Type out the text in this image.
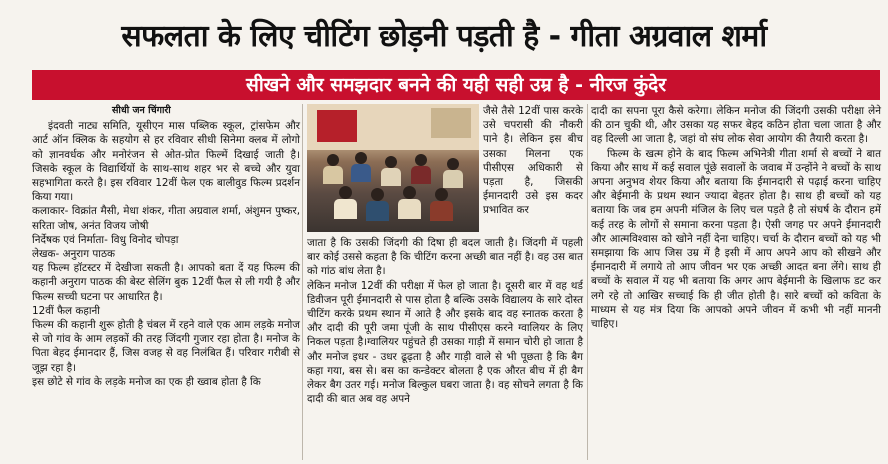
सफलता के लिए चीटिंग छोड़नी पड़ती है - गीता अग्रवाल शर्मा
सीखने और समझदार बनने की यही सही उम्र है - नीरज कुंदेर
सीधी जन चिंगारी

इंदवती नाट्य समिति, यूसीएन मास पब्लिक स्कूल, ट्रांसफेम और आर्ट ऑन क्लिक के सहयोग से हर रविवार सीधी सिनेमा क्लब में लोगो को ज्ञानवर्धक और मनोरंजन से ओत-प्रोत फिल्में दिखाई जाती है। जिसके स्कूल के विद्यार्थियों के साथ-साथ शहर भर से बच्चे और युवा सहभागिता करते है। इस रविवार 12वीं फेल एक बालीवुड फिल्म प्रदर्शन किया गया।

कलाकार- विक्रांत मैसी, मेधा शंकर, गीता अग्रवाल शर्मा, अंशुमन पुष्कर, सरिता जोष, अनंत विजय जोषी

निर्देषक एवं निर्माता- विधु विनोद चोपड़ा

लेखक- अनुराग पाठक

यह फिल्म हॉटस्टर में देखीजा सकती है। आपको बता दें यह फिल्म की कहानी अनुराग पाठक की बेस्ट सेलिंग बुक 12वीं फैल से ली गयी है और फिल्म सच्ची घटना पर आधारित है।

12वीं फैल कहानी

फिल्म की कहानी शुरू होती है चंबल में रहने वाले एक आम लड़के मनोज से जो गांव के आम लड़कों की तरह जिंदगी गुजार रहा होता है। मनोज के पिता बेहद ईमानदार हैं, जिस वजह से वह निलंबित हैं। परिवार गरीबी से जूझ रहा है।

इस छोटे से गांव के लड़के मनोज का एक ही ख्वाब होता है कि

जैसे तैसे 12वीं पास करके उसे चपरासी की नौकरी पाने है। लेकिन इस बीच उसका मिलना एक पीसीएस अधिकारी से पड़ता है, जिसकी ईमानदारी उसे इस कदर प्रभावित कर

जाता है कि उसकी जिंदगी की दिषा ही बदल जाती है। जिंदगी में पहली बार कोई उससे कहता है कि चीटिंग करना अच्छी बात नहीं है। वह उस बात को गांठ बांध लेता है।

लेकिन मनोज 12वीं की परीक्षा में फेल हो जाता है। दूसरी बार में वह थर्ड डिवीजन पूरी ईमानदारी से पास होता है बल्कि उसके विद्यालय के सारे दोस्त चीटिंग करके प्रथम स्थान में आते है और इसके बाद वह स्नातक करता है और दादी की पूरी जमा पूंजी के साथ पीसीएस करने ग्वालियर के लिए निकल पड़ता है।ग्वालियर पहुंचते ही उसका गाड़ी में समान चोरी हो जाता है और मनोज इधर - उधर ढूढ़ता है और गाड़ी वाले से भी पूछता है कि बैग कहा गया, बस से। बस का कन्डेक्टर बोलता है एक औरत बीच में ही बैग लेकर बैग उतर गई। मनोज बिल्कुल घबरा जाता है। वह सोचने लगता है कि दादी की बात अब वह अपने

दादी का सपना पूरा कैसे करेगा। लेकिन मनोज की जिंदगी उसकी परीक्षा लेने की ठान चुकी थी, और उसका यह सफर बेहद कठिन होता चला जाता है और वह दिल्ली आ जाता है, जहां वो संघ लोक सेवा आयोग की तैयारी करता है।

फिल्म के खत्म होने के बाद फिल्म अभिनेत्री गीता शर्मा से बच्चों ने बात किया और साथ में कई सवाल पूंछे सवालों के जवाब में उन्होंने ने बच्चों के साथ अपना अनुभव शेयर किया और बताया कि ईमानदारी से पढ़ाई करना चाहिए और बेईमानी के प्रथम स्थान ज्यादा बेहतर होता है। साथ ही बच्चों को यह बताया कि जब हम अपनी मंजिल के लिए चल पड़ते है तो संघर्ष के दौरान हमें कई तरह के लोगों से समाना करना पड़ता है। ऐसी जगह पर अपने ईमानदारी और आत्मविश्वास को खोने नहीं देना चाहिए। चर्चा के दौरान बच्चों को यह भी समझाया कि आप जिस उम्र में है इसी में आप अपने आप को सीखने और ईमानदारी में लगाये तो आप जीवन भर एक अच्छी आदत बना लेंगे। साथ ही बच्चों के सवाल में यह भी बताया कि अगर आप बेईमानी के खिलाफ डट कर लगे रहे तो आखिर सच्चाई कि ही जीत होती है। सारे बच्चों को कविता के माध्यम से यह मंत्र दिया कि आपको अपने जीवन में कभी भी नहीं माननी चाहिए।
